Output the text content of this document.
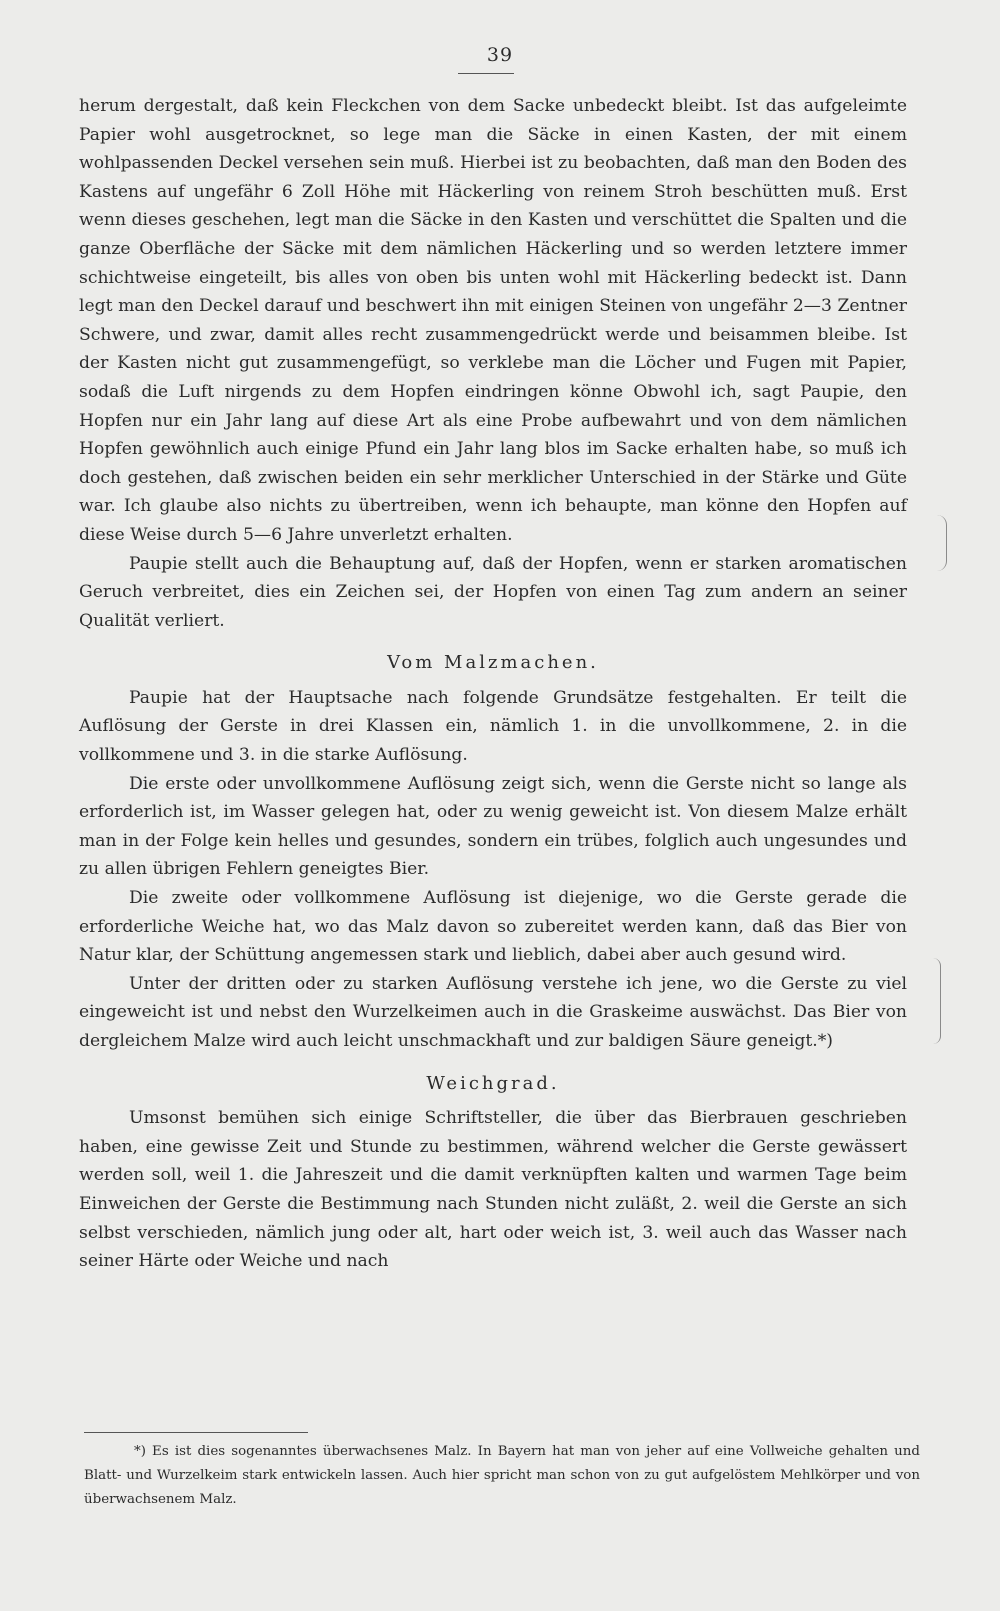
39

herum dergestalt, daß kein Fleckchen von dem Sacke unbedeckt bleibt. Ist das aufgeleimte Papier wohl ausgetrocknet, so lege man die Säcke in einen Kasten, der mit einem wohlpassenden Deckel versehen sein muß. Hierbei ist zu beobachten, daß man den Boden des Kastens auf ungefähr 6 Zoll Höhe mit Häckerling von reinem Stroh beschütten muß. Erst wenn dieses geschehen, legt man die Säcke in den Kasten und verschüttet die Spalten und die ganze Oberfläche der Säcke mit dem nämlichen Häckerling und so werden letztere immer schichtweise eingeteilt, bis alles von oben bis unten wohl mit Häckerling bedeckt ist. Dann legt man den Deckel darauf und beschwert ihn mit einigen Steinen von ungefähr 2—3 Zentner Schwere, und zwar, damit alles recht zusammengedrückt werde und beisammen bleibe. Ist der Kasten nicht gut zusammengefügt, so verklebe man die Löcher und Fugen mit Papier, sodaß die Luft nirgends zu dem Hopfen eindringen könne Obwohl ich, sagt Paupie, den Hopfen nur ein Jahr lang auf diese Art als eine Probe aufbewahrt und von dem nämlichen Hopfen gewöhnlich auch einige Pfund ein Jahr lang blos im Sacke erhalten habe, so muß ich doch gestehen, daß zwischen beiden ein sehr merklicher Unterschied in der Stärke und Güte war. Ich glaube also nichts zu übertreiben, wenn ich behaupte, man könne den Hopfen auf diese Weise durch 5—6 Jahre unverletzt erhalten.

Paupie stellt auch die Behauptung auf, daß der Hopfen, wenn er starken aromatischen Geruch verbreitet, dies ein Zeichen sei, der Hopfen von einen Tag zum andern an seiner Qualität verliert.

Vom Malzmachen.

Paupie hat der Hauptsache nach folgende Grundsätze festgehalten. Er teilt die Auflösung der Gerste in drei Klassen ein, nämlich 1. in die unvollkommene, 2. in die vollkommene und 3. in die starke Auflösung.

Die erste oder unvollkommene Auflösung zeigt sich, wenn die Gerste nicht so lange als erforderlich ist, im Wasser gelegen hat, oder zu wenig geweicht ist. Von diesem Malze erhält man in der Folge kein helles und gesundes, sondern ein trübes, folglich auch ungesundes und zu allen übrigen Fehlern geneigtes Bier.

Die zweite oder vollkommene Auflösung ist diejenige, wo die Gerste gerade die erforderliche Weiche hat, wo das Malz davon so zubereitet werden kann, daß das Bier von Natur klar, der Schüttung angemessen stark und lieblich, dabei aber auch gesund wird.

Unter der dritten oder zu starken Auflösung verstehe ich jene, wo die Gerste zu viel eingeweicht ist und nebst den Wurzelkeimen auch in die Graskeime auswächst. Das Bier von dergleichem Malze wird auch leicht unschmackhaft und zur baldigen Säure geneigt.*)

Weichgrad.

Umsonst bemühen sich einige Schriftsteller, die über das Bierbrauen geschrieben haben, eine gewisse Zeit und Stunde zu bestimmen, während welcher die Gerste gewässert werden soll, weil 1. die Jahreszeit und die damit verknüpften kalten und warmen Tage beim Einweichen der Gerste die Bestimmung nach Stunden nicht zuläßt, 2. weil die Gerste an sich selbst verschieden, nämlich jung oder alt, hart oder weich ist, 3. weil auch das Wasser nach seiner Härte oder Weiche und nach

*) Es ist dies sogenanntes überwachsenes Malz. In Bayern hat man von jeher auf eine Vollweiche gehalten und Blatt- und Wurzelkeim stark entwickeln lassen. Auch hier spricht man schon von zu gut aufgelöstem Mehlkörper und von überwachsenem Malz.
